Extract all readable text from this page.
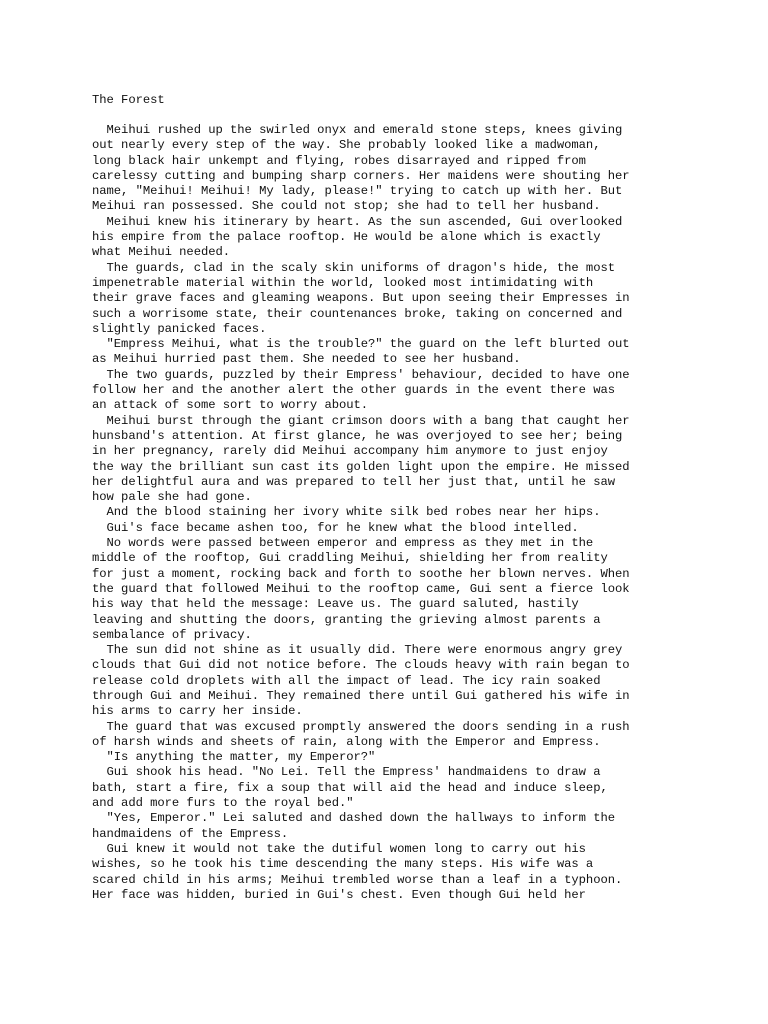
The Forest
Meihui rushed up the swirled onyx and emerald stone steps, knees giving
out nearly every step of the way. She probably looked like a madwoman,
long black hair unkempt and flying, robes disarrayed and ripped from
carelessy cutting and bumping sharp corners. Her maidens were shouting her
name, "Meihui! Meihui! My lady, please!" trying to catch up with her. But
Meihui ran possessed. She could not stop; she had to tell her husband.
Meihui knew his itinerary by heart. As the sun ascended, Gui overlooked
his empire from the palace rooftop. He would be alone which is exactly
what Meihui needed.
The guards, clad in the scaly skin uniforms of dragon's hide, the most
impenetrable material within the world, looked most intimidating with
their grave faces and gleaming weapons. But upon seeing their Empresses in
such a worrisome state, their countenances broke, taking on concerned and
slightly panicked faces.
"Empress Meihui, what is the trouble?" the guard on the left blurted out
as Meihui hurried past them. She needed to see her husband.
The two guards, puzzled by their Empress' behaviour, decided to have one
follow her and the another alert the other guards in the event there was
an attack of some sort to worry about.
Meihui burst through the giant crimson doors with a bang that caught her
hunsband's attention. At first glance, he was overjoyed to see her; being
in her pregnancy, rarely did Meihui accompany him anymore to just enjoy
the way the brilliant sun cast its golden light upon the empire. He missed
her delightful aura and was prepared to tell her just that, until he saw
how pale she had gone.
And the blood staining her ivory white silk bed robes near her hips.
Gui's face became ashen too, for he knew what the blood intelled.
No words were passed between emperor and empress as they met in the
middle of the rooftop, Gui craddling Meihui, shielding her from reality
for just a moment, rocking back and forth to soothe her blown nerves. When
the guard that followed Meihui to the rooftop came, Gui sent a fierce look
his way that held the message: Leave us. The guard saluted, hastily
leaving and shutting the doors, granting the grieving almost parents a
sembalance of privacy.
The sun did not shine as it usually did. There were enormous angry grey
clouds that Gui did not notice before. The clouds heavy with rain began to
release cold droplets with all the impact of lead. The icy rain soaked
through Gui and Meihui. They remained there until Gui gathered his wife in
his arms to carry her inside.
The guard that was excused promptly answered the doors sending in a rush
of harsh winds and sheets of rain, along with the Emperor and Empress.
"Is anything the matter, my Emperor?"
Gui shook his head. "No Lei. Tell the Empress' handmaidens to draw a
bath, start a fire, fix a soup that will aid the head and induce sleep,
and add more furs to the royal bed."
"Yes, Emperor." Lei saluted and dashed down the hallways to inform the
handmaidens of the Empress.
Gui knew it would not take the dutiful women long to carry out his
wishes, so he took his time descending the many steps. His wife was a
scared child in his arms; Meihui trembled worse than a leaf in a typhoon.
Her face was hidden, buried in Gui's chest. Even though Gui held her
